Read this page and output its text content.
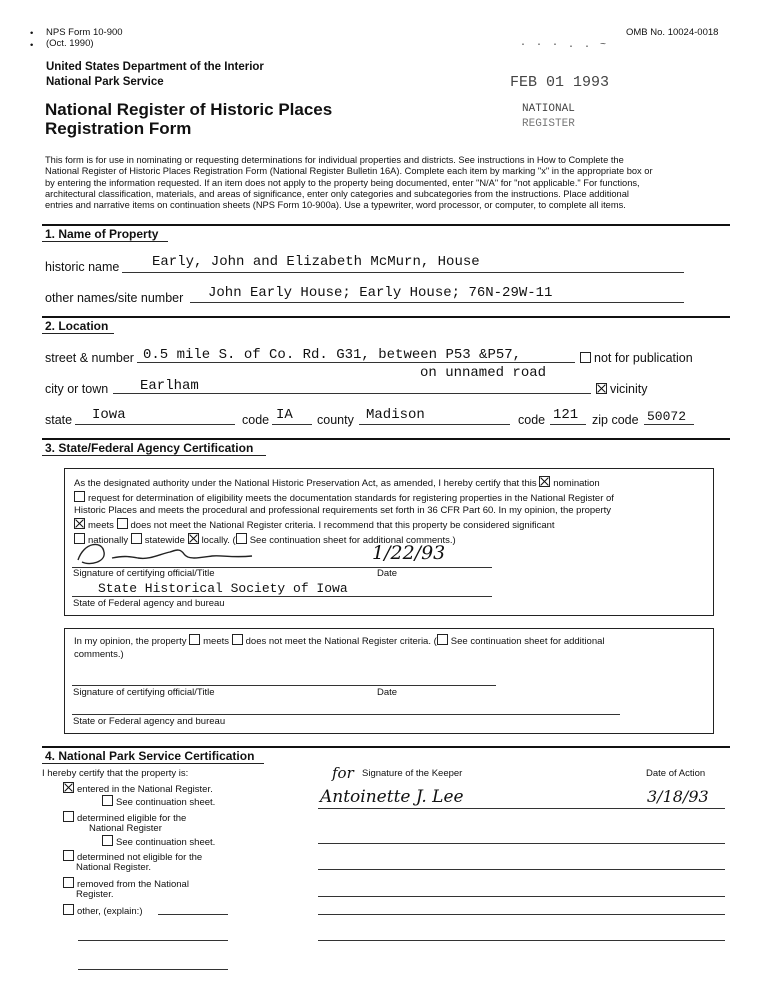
•
•
NPS Form 10-900
(Oct. 1990)
OMB No. 10024-0018
United States Department of the Interior
National Park Service
National Register of Historic Places
Registration Form
· · · . . ~
FEB 01 1993
NATIONAL
REGISTER
This form is for use in nominating or requesting determinations for individual properties and districts. See instructions in How to Complete the
National Register of Historic Places Registration Form (National Register Bulletin 16A). Complete each item by marking "x" in the appropriate box or
by entering the information requested. If an item does not apply to the property being documented, enter "N/A" for "not applicable." For functions,
architectural classification, materials, and areas of significance, enter only categories and subcategories from the instructions. Place additional
entries and narrative items on continuation sheets (NPS Form 10-900a). Use a typewriter, word processor, or computer, to complete all items.
1. Name of Property
historic name Early, John and Elizabeth McMurn, House
other names/site number John Early House; Early House; 76N-29W-11
2. Location
street & number 0.5 mile S. of Co. Rd. G31, between P53 &P57,	not for publication
on unnamed road
city or town Earlham	vicinity
state Iowa	code IA county Madison	code 121 zip code 50072
3. State/Federal Agency Certification
As the designated authority under the National Historic Preservation Act, as amended, I hereby certify that this nomination
request for determination of eligibility meets the documentation standards for registering properties in the National Register of
Historic Places and meets the procedural and professional requirements set forth in 36 CFR Part 60. In my opinion, the property
meets does not meet the National Register criteria. I recommend that this property be considered significant
nationally statewide locally. ( See continuation sheet for additional comments.)
1/22/93
Signature of certifying official/Title	Date
State Historical Society of Iowa
State of Federal agency and bureau
In my opinion, the property meets does not meet the National Register criteria. ( See continuation sheet for additional
comments.)
Signature of certifying official/Title	Date
State or Federal agency and bureau
4. National Park Service Certification
I hereby certify that the property is:	for Signature of the Keeper	Date of Action
entered in the National Register.
See continuation sheet.	Antoinette J. Lee	3/18/93
determined eligible for the
National Register
See continuation sheet.
determined not eligible for the
National Register.
removed from the National
Register.
other, (explain:)
